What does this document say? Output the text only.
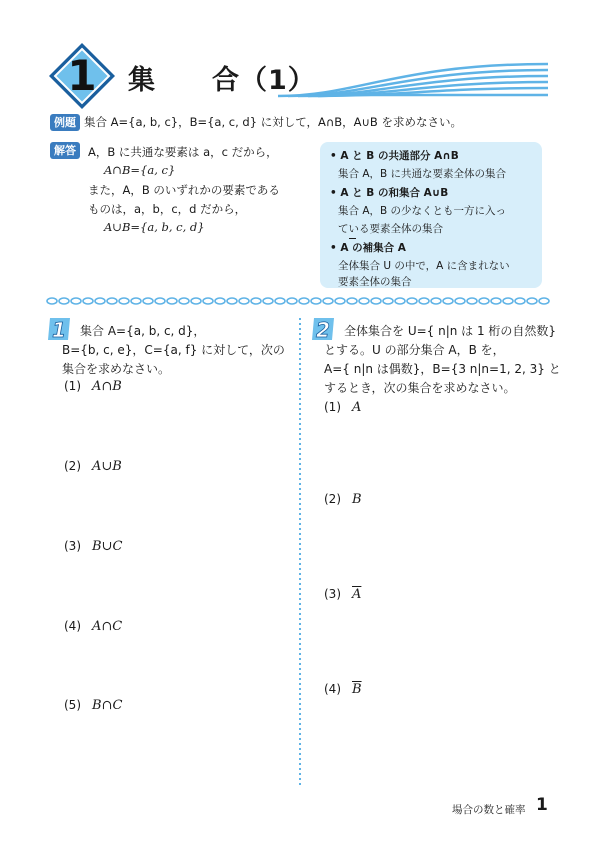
1 集　　合（1）
例題 集合 A={a, b, c}，B={a, c, d} に対して，A∩B，A∪B を求めなさい。
解答	A，B に共通な要素は a，c だから，
A∩B={a, c}
また，A，B のいずれかの要素である
ものは，a，b，c，d だから，
A∪B={a, b, c, d}
• A と B の共通部分 A∩B
集合 A，B に共通な要素全体の集合
• A と B の和集合 A∪B
集合 A，B の少なくとも一方に入っ
ている要素全体の集合
• A の補集合 A
全体集合 U の中で，A に含まれない
要素全体の集合
1 集合 A={a, b, c, d}，
B={b, c, e}，C={a, f} に対して，次の
集合を求めなさい。
(1) A∩B
(2) A∪B
(3) B∪C
(4) A∩C
(5) B∩C
2 全体集合を U={ n|n は 1 桁の自然数}
とする。U の部分集合 A，B を，
A={ n|n は偶数}，B={3 n|n=1, 2, 3} と
するとき，次の集合を求めなさい。
(1) A
(2) B
(3) $\overline{A}$
(4) $\overline{B}$
場合の数と確率 1
